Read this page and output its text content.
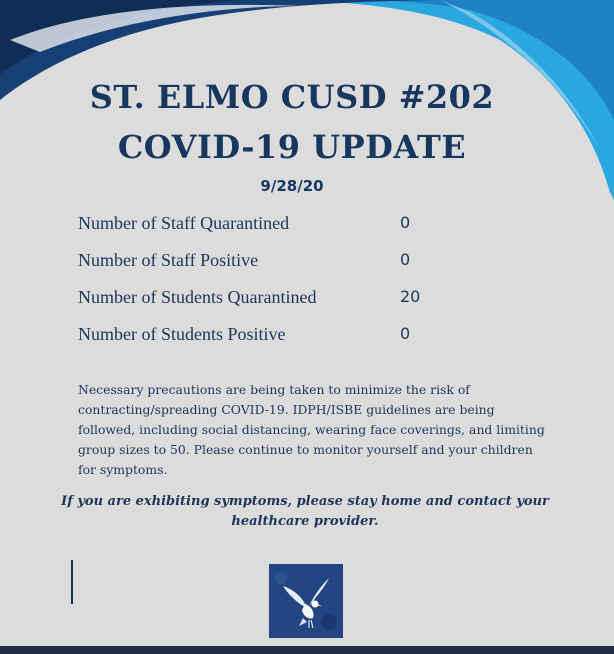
ST. ELMO CUSD #202
COVID-19 UPDATE
9/28/20
Number of Staff Quarantined	0
Number of Staff Positive	0
Number of Students Quarantined	20
Number of Students Positive	0
Necessary precautions are being taken to minimize the risk of
contracting/spreading COVID-19. IDPH/ISBE guidelines are being
followed, including social distancing, wearing face coverings, and limiting
group sizes to 50. Please continue to monitor yourself and your children
for symptoms.
If you are exhibiting symptoms, please stay home and contact your
healthcare provider.
